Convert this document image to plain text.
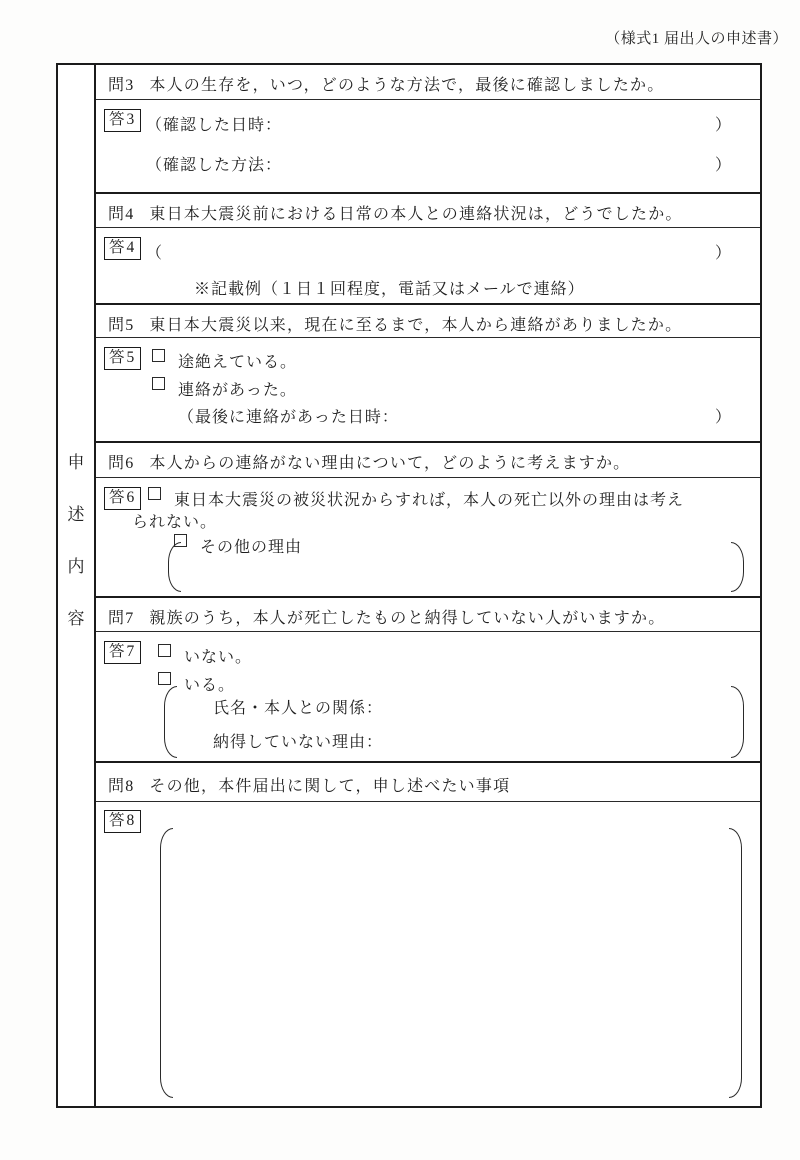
（様式1 届出人の申述書）
申
述
内
容
問3 本人の生存を，いつ，どのような方法で，最後に確認しましたか。
答3 （確認した日時：	）
（確認した方法：	）
問4 東日本大震災前における日常の本人との連絡状況は，どうでしたか。
答4 （	）
※記載例（１日１回程度，電話又はメールで連絡）
問5 東日本大震災以来，現在に至るまで，本人から連絡がありましたか。
答5	途絶えている。
連絡があった。
（最後に連絡があった日時：	）
問6 本人からの連絡がない理由について，どのように考えますか。
答6	東日本大震災の被災状況からすれば，本人の死亡以外の理由は考え
られない。
その他の理由
問7 親族のうち，本人が死亡したものと納得していない人がいますか。
答7	いない。
いる。
氏名・本人との関係：
納得していない理由：
問8 その他，本件届出に関して，申し述べたい事項
答8
